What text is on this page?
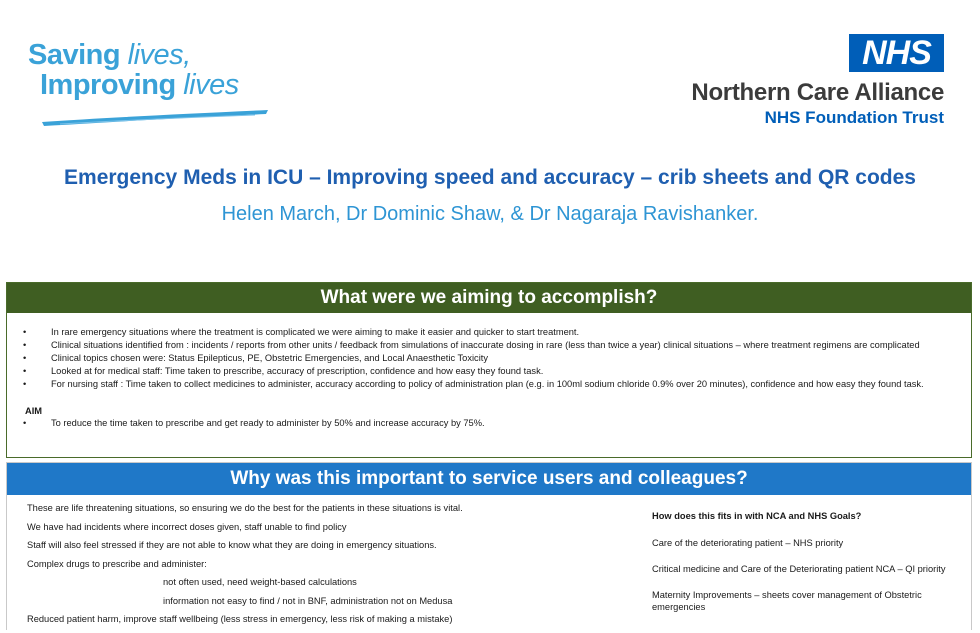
Saving lives,
Improving lives
NHS
Northern Care Alliance
NHS Foundation Trust
Emergency Meds in ICU – Improving speed and accuracy – crib sheets and QR codes
Helen March, Dr Dominic Shaw, & Dr Nagaraja Ravishanker.
What were we aiming to accomplish?
•	In rare emergency situations where the treatment is complicated we were aiming to make it easier and quicker to start treatment.
•	Clinical situations identified from : incidents / reports from other units / feedback from simulations of inaccurate dosing in rare (less than twice a year) clinical situations – where treatment regimens are complicated
•	Clinical topics chosen were: Status Epilepticus, PE, Obstetric Emergencies, and Local Anaesthetic Toxicity
•	Looked at for medical staff: Time taken to prescribe, accuracy of prescription, confidence and how easy they found task.
•	For nursing staff : Time taken to collect medicines to administer, accuracy according to policy of administration plan (e.g. in 100ml sodium chloride 0.9% over 20 minutes), confidence and how easy they found task.
AIM
•	To reduce the time taken to prescribe and get ready to administer by 50% and increase accuracy by 75%.
Why was this important to service users and colleagues?
These are life threatening situations, so ensuring we do the best for the patients in these situations is vital.
We have had incidents where incorrect doses given, staff unable to find policy
Staff will also feel stressed if they are not able to know what they are doing in emergency situations.
Complex drugs to prescribe and administer:
not often used, need weight-based calculations
information not easy to find / not in BNF, administration not on Medusa
Reduced patient harm, improve staff wellbeing (less stress in emergency, less risk of making a mistake)
How does this fits in with NCA and NHS Goals?
Care of the deteriorating patient – NHS priority
Critical medicine and Care of the Deteriorating patient NCA – QI priority
Maternity Improvements – sheets cover management of Obstetric emergencies
